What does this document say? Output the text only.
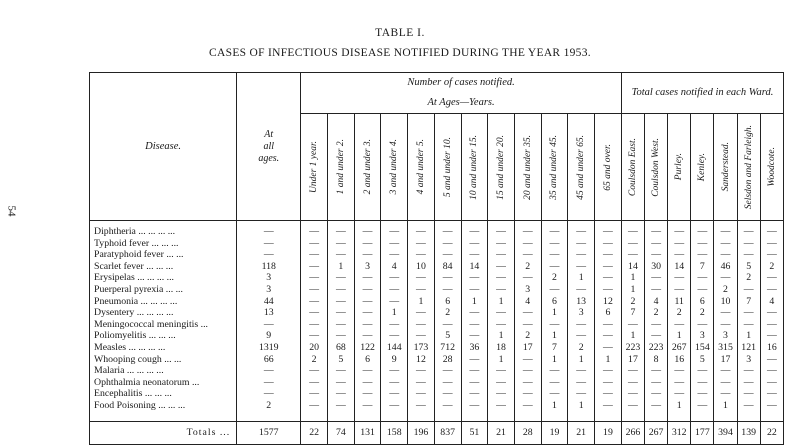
54
TABLE I.
CASES OF INFECTIOUS DISEASE NOTIFIED DURING THE YEAR 1953.
Disease.	At
all
ages.	Number of cases notified.
At Ages—Years.												Total cases notified in each Ward.						

		Under 1 year.	1 and under 2.	2 and under 3.	3 and under 4.	4 and under 5.	5 and under 10.	10 and under 15.	15 and under 20.	20 and under 35.	35 and under 45.	45 and under 65.	65 and over.	Coulsdon East.	Coulsdon West.	Purley.	Kenley.	Sanderstead.	Selsdon and Farleigh.	Woodcote.

Diphtheria ... ... ... ...	—	—	—	—	—	—	—	—	—	—	—	—	—	—	—	—	—	—	—	—
Typhoid fever ... ... ...	—	—	—	—	—	—	—	—	—	—	—	—	—	—	—	—	—	—	—	—
Paratyphoid fever ... ...	—	—	—	—	—	—	—	—	—	—	—	—	—	—	—	—	—	—	—	—
Scarlet fever ... ... ...	118	—	1	3	4	10	84	14	—	2	—	—	—	14	30	14	7	46	5	2
Erysipelas ... ... ... ...	3	—	—	—	—	—	—	—	—	—	2	1	—	1	—	—	—	—	2	—
Puerperal pyrexia ... ...	3	—	—	—	—	—	—	—	—	3	—	—	—	1	—	—	—	2	—	—
Pneumonia ... ... ... ...	44	—	—	—	—	1	6	1	1	4	6	13	12	2	4	11	6	10	7	4
Dysentery ... ... ... ...	13	—	—	—	1	—	2	—	—	—	1	3	6	7	2	2	2	—	—	—
Meningococcal meningitis ...	—	—	—	—	—	—	—	—	—	—	—	—	—	—	—	—	—	—	—	—
Poliomyelitis ... ... ...	9	—	—	—	—	—	5	—	1	2	1	—	—	1	—	1	3	3	1	—
Measles ... ... ... ...	1319	20	68	122	144	173	712	36	18	17	7	2	—	223	223	267	154	315	121	16
Whooping cough ... ...	66	2	5	6	9	12	28	—	1	—	1	1	1	17	8	16	5	17	3	—
Malaria ... ... ... ...	—	—	—	—	—	—	—	—	—	—	—	—	—	—	—	—	—	—	—	—
Ophthalmia neonatorum ...	—	—	—	—	—	—	—	—	—	—	—	—	—	—	—	—	—	—	—	—
Encephalitis ... ... ...	—	—	—	—	—	—	—	—	—	—	—	—	—	—	—	—	—	—	—	—
Food Poisoning ... ... ...	2	—	—	—	—	—	—	—	—	—	1	1	—	—	—	1	—	1	—	—

Totals ...	1577	22	74	131	158	196	837	51	21	28	19	21	19	266	267	312	177	394	139	22
